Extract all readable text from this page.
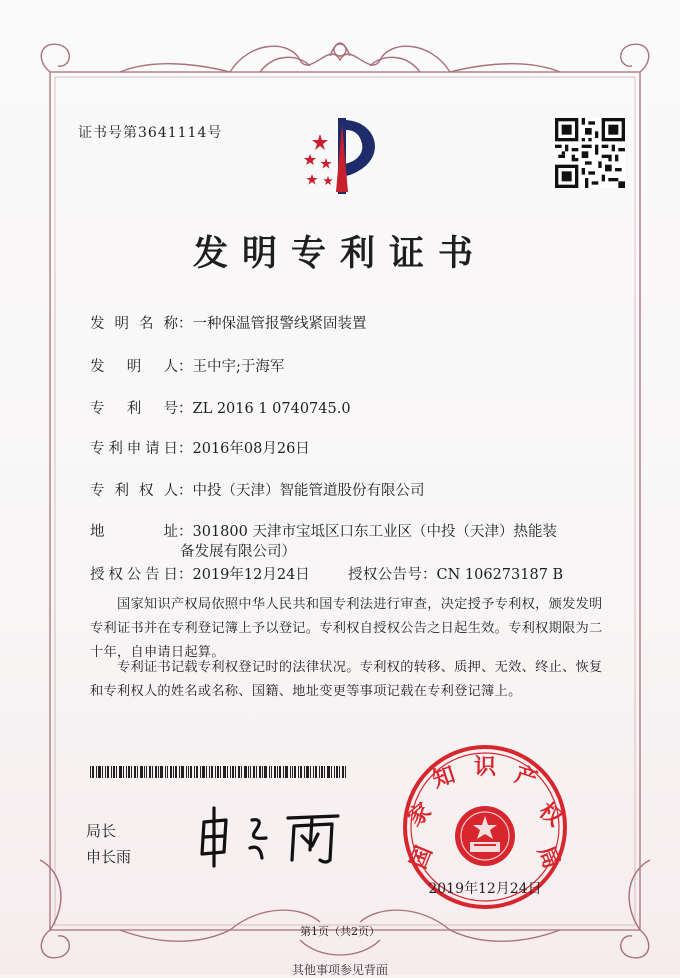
证书号第3641114号
发明专利证书
发明名称：一种保温管报警线紧固装置
发明人：王中宇;于海军
专利号：ZL 2016 1 0740745.0
专利申请日：2016年08月26日
专利权人：中投（天津）智能管道股份有限公司
地址：301800 天津市宝坻区口东工业区（中投（天津）热能装
备发展有限公司）
授权公告日：2019年12月24日	授权公告号：CN 106273187 B
国家知识产权局依照中华人民共和国专利法进行审查，决定授予专利权，颁发发明专利证书并在专利登记簿上予以登记。专利权自授权公告之日起生效。专利权期限为二十年，自申请日起算。
专利证书记载专利权登记时的法律状况。专利权的转移、质押、无效、终止、恢复和专利权人的姓名或名称、国籍、地址变更等事项记载在专利登记簿上。
局长
申长雨	国
家
知 识 产
权
局
2019年12月24日
第1页（共2页）
其他事项参见背面
